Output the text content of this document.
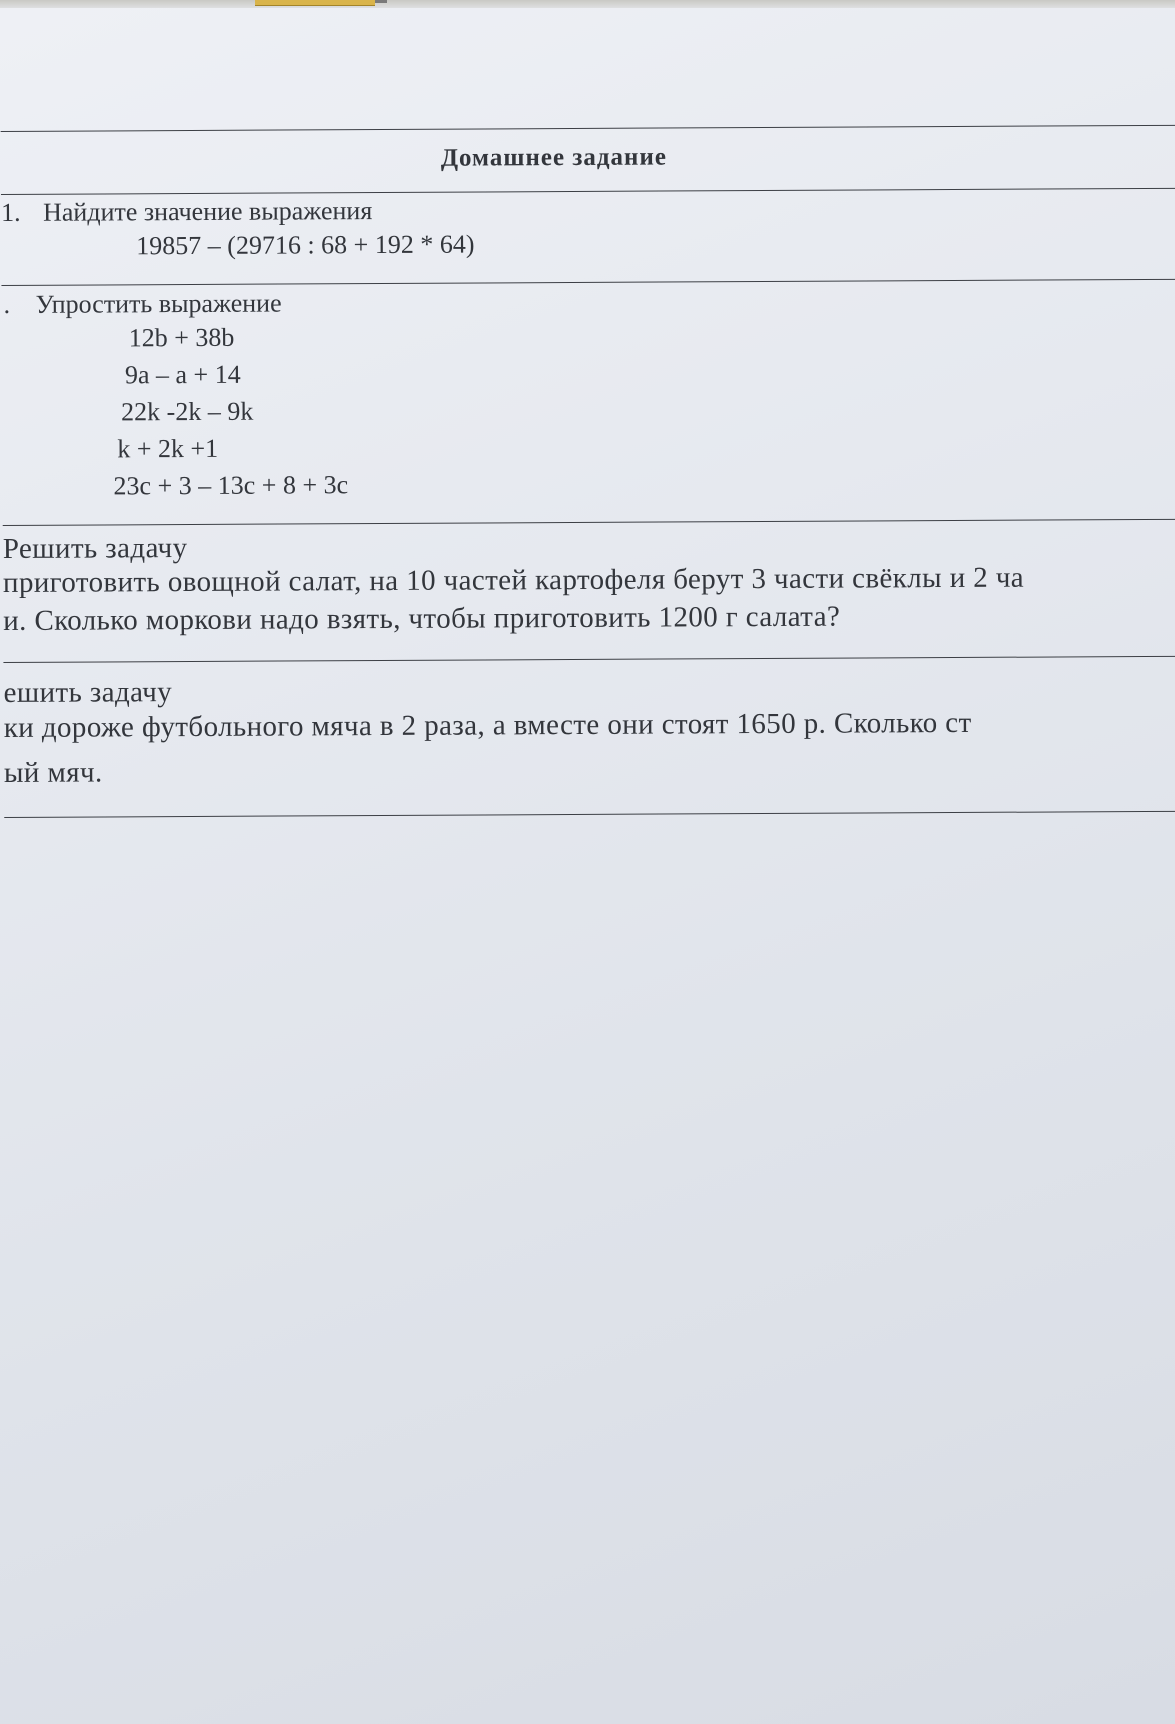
Домашнее задание
1. Найдите значение выражения
19857 – (29716 : 68 + 192 * 64)
. Упростить выражение
12b + 38b
9a – a + 14
22k -2k – 9k
k + 2k +1
23c + 3 – 13c + 8 + 3c
Решить задачу
приготовить овощной салат, на 10 частей картофеля берут 3 части свёклы и 2 ча
и. Сколько моркови надо взять, чтобы приготовить 1200 г салата?
ешить задачу
ки дороже футбольного мяча в 2 раза, а вместе они стоят 1650 р. Сколько ст
ый мяч.
